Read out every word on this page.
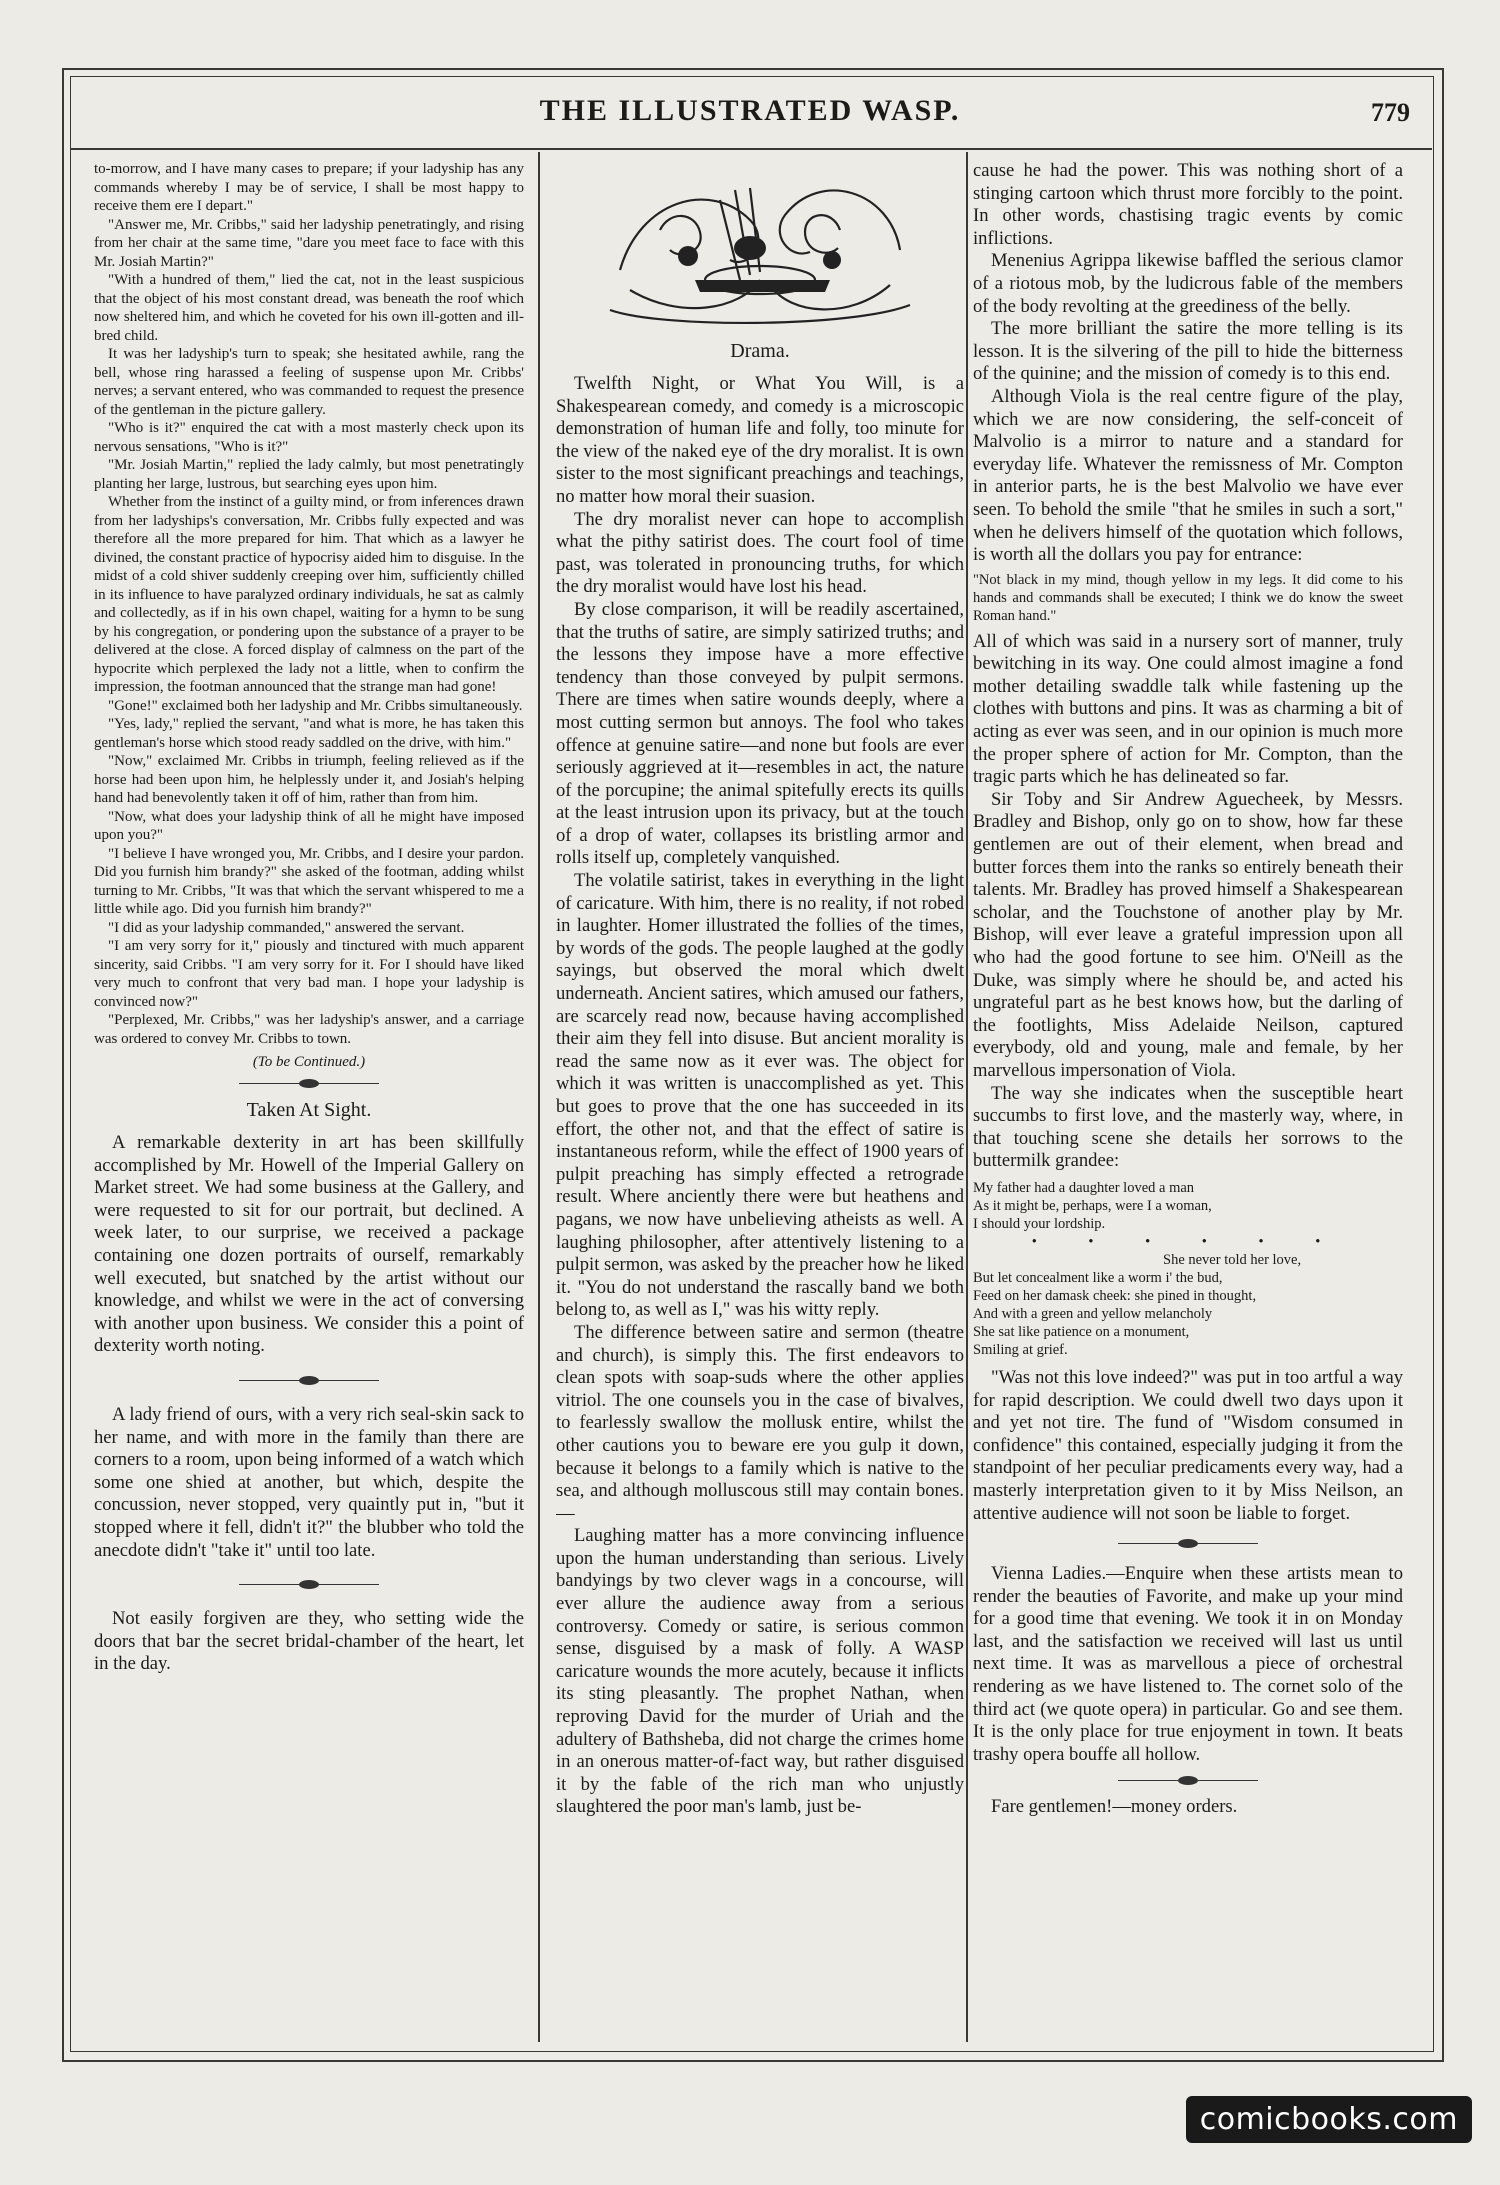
THE ILLUSTRATED WASP.	779

to-morrow, and I have many cases to prepare; if your ladyship has any commands whereby I may be of service, I shall be most happy to receive them ere I depart."

"Answer me, Mr. Cribbs," said her ladyship penetratingly, and rising from her chair at the same time, "dare you meet face to face with this Mr. Josiah Martin?"

"With a hundred of them," lied the cat, not in the least suspicious that the object of his most constant dread, was beneath the roof which now sheltered him, and which he coveted for his own ill-gotten and ill-bred child.

It was her ladyship's turn to speak; she hesitated awhile, rang the bell, whose ring harassed a feeling of suspense upon Mr. Cribbs' nerves; a servant entered, who was commanded to request the presence of the gentleman in the picture gallery.

"Who is it?" enquired the cat with a most masterly check upon its nervous sensations, "Who is it?"

"Mr. Josiah Martin," replied the lady calmly, but most penetratingly planting her large, lustrous, but searching eyes upon him.

Whether from the instinct of a guilty mind, or from inferences drawn from her ladyships's conversation, Mr. Cribbs fully expected and was therefore all the more prepared for him. That which as a lawyer he divined, the constant practice of hypocrisy aided him to disguise. In the midst of a cold shiver suddenly creeping over him, sufficiently chilled in its influence to have paralyzed ordinary individuals, he sat as calmly and collectedly, as if in his own chapel, waiting for a hymn to be sung by his congregation, or pondering upon the substance of a prayer to be delivered at the close. A forced display of calmness on the part of the hypocrite which perplexed the lady not a little, when to confirm the impression, the footman announced that the strange man had gone!

"Gone!" exclaimed both her ladyship and Mr. Cribbs simultaneously.

"Yes, lady," replied the servant, "and what is more, he has taken this gentleman's horse which stood ready saddled on the drive, with him."

"Now," exclaimed Mr. Cribbs in triumph, feeling relieved as if the horse had been upon him, he helplessly under it, and Josiah's helping hand had benevolently taken it off of him, rather than from him.

"Now, what does your ladyship think of all he might have imposed upon you?"

"I believe I have wronged you, Mr. Cribbs, and I desire your pardon. Did you furnish him brandy?" she asked of the footman, adding whilst turning to Mr. Cribbs, "It was that which the servant whispered to me a little while ago. Did you furnish him brandy?"

"I did as your ladyship commanded," answered the servant.

"I am very sorry for it," piously and tinctured with much apparent sincerity, said Cribbs. "I am very sorry for it. For I should have liked very much to confront that very bad man. I hope your ladyship is convinced now?"

"Perplexed, Mr. Cribbs," was her ladyship's answer, and a carriage was ordered to convey Mr. Cribbs to town.

(To be Continued.)
Taken At Sight.

A remarkable dexterity in art has been skillfully accomplished by Mr. Howell of the Imperial Gallery on Market street. We had some business at the Gallery, and were requested to sit for our portrait, but declined. A week later, to our surprise, we received a package containing one dozen portraits of ourself, remarkably well executed, but snatched by the artist without our knowledge, and whilst we were in the act of conversing with another upon business. We consider this a point of dexterity worth noting.

A lady friend of ours, with a very rich seal-skin sack to her name, and with more in the family than there are corners to a room, upon being informed of a watch which some one shied at another, but which, despite the concussion, never stopped, very quaintly put in, "but it stopped where it fell, didn't it?" the blubber who told the anecdote didn't "take it" until too late.

Not easily forgiven are they, who setting wide the doors that bar the secret bridal-chamber of the heart, let in the day.

Drama.

Twelfth Night, or What You Will, is a Shakespearean comedy, and comedy is a microscopic demonstration of human life and folly, too minute for the view of the naked eye of the dry moralist. It is own sister to the most significant preachings and teachings, no matter how moral their suasion.

The dry moralist never can hope to accomplish what the pithy satirist does. The court fool of time past, was tolerated in pronouncing truths, for which the dry moralist would have lost his head.

By close comparison, it will be readily ascertained, that the truths of satire, are simply satirized truths; and the lessons they impose have a more effective tendency than those conveyed by pulpit sermons. There are times when satire wounds deeply, where a most cutting sermon but annoys. The fool who takes offence at genuine satire—and none but fools are ever seriously aggrieved at it—resembles in act, the nature of the porcupine; the animal spitefully erects its quills at the least intrusion upon its privacy, but at the touch of a drop of water, collapses its bristling armor and rolls itself up, completely vanquished.

The volatile satirist, takes in everything in the light of caricature. With him, there is no reality, if not robed in laughter. Homer illustrated the follies of the times, by words of the gods. The people laughed at the godly sayings, but observed the moral which dwelt underneath. Ancient satires, which amused our fathers, are scarcely read now, because having accomplished their aim they fell into disuse. But ancient morality is read the same now as it ever was. The object for which it was written is unaccomplished as yet. This but goes to prove that the one has succeeded in its effort, the other not, and that the effect of satire is instantaneous reform, while the effect of 1900 years of pulpit preaching has simply effected a retrograde result. Where anciently there were but heathens and pagans, we now have unbelieving atheists as well. A laughing philosopher, after attentively listening to a pulpit sermon, was asked by the preacher how he liked it. "You do not understand the rascally band we both belong to, as well as I," was his witty reply.

The difference between satire and sermon (theatre and church), is simply this. The first endeavors to clean spots with soap-suds where the other applies vitriol. The one counsels you in the case of bivalves, to fearlessly swallow the mollusk entire, whilst the other cautions you to beware ere you gulp it down, because it belongs to a family which is native to the sea, and although molluscous still may contain bones.—

Laughing matter has a more convincing influence upon the human understanding than serious. Lively bandyings by two clever wags in a concourse, will ever allure the audience away from a serious controversy. Comedy or satire, is serious common sense, disguised by a mask of folly. A WASP caricature wounds the more acutely, because it inflicts its sting pleasantly. The prophet Nathan, when reproving David for the murder of Uriah and the adultery of Bathsheba, did not charge the crimes home in an onerous matter-of-fact way, but rather disguised it by the fable of the rich man who unjustly slaughtered the poor man's lamb, just be-

cause he had the power. This was nothing short of a stinging cartoon which thrust more forcibly to the point. In other words, chastising tragic events by comic inflictions.

Menenius Agrippa likewise baffled the serious clamor of a riotous mob, by the ludicrous fable of the members of the body revolting at the greediness of the belly.

The more brilliant the satire the more telling is its lesson. It is the silvering of the pill to hide the bitterness of the quinine; and the mission of comedy is to this end.

Although Viola is the real centre figure of the play, which we are now considering, the self-conceit of Malvolio is a mirror to nature and a standard for everyday life. Whatever the remissness of Mr. Compton in anterior parts, he is the best Malvolio we have ever seen. To behold the smile "that he smiles in such a sort," when he delivers himself of the quotation which follows, is worth all the dollars you pay for entrance:

"Not black in my mind, though yellow in my legs. It did come to his hands and commands shall be executed; I think we do know the sweet Roman hand."

All of which was said in a nursery sort of manner, truly bewitching in its way. One could almost imagine a fond mother detailing swaddle talk while fastening up the clothes with buttons and pins. It was as charming a bit of acting as ever was seen, and in our opinion is much more the proper sphere of action for Mr. Compton, than the tragic parts which he has delineated so far.

Sir Toby and Sir Andrew Aguecheek, by Messrs. Bradley and Bishop, only go on to show, how far these gentlemen are out of their element, when bread and butter forces them into the ranks so entirely beneath their talents. Mr. Bradley has proved himself a Shakespearean scholar, and the Touchstone of another play by Mr. Bishop, will ever leave a grateful impression upon all who had the good fortune to see him. O'Neill as the Duke, was simply where he should be, and acted his ungrateful part as he best knows how, but the darling of the footlights, Miss Adelaide Neilson, captured everybody, old and young, male and female, by her marvellous impersonation of Viola.

The way she indicates when the susceptible heart succumbs to first love, and the masterly way, where, in that touching scene she details her sorrows to the buttermilk grandee:

My father had a daughter loved a man
As it might be, perhaps, were I a woman,
I should your lordship.
• • • • • •
She never told her love,
But let concealment like a worm i' the bud,
Feed on her damask cheek: she pined in thought,
And with a green and yellow melancholy
She sat like patience on a monument,
Smiling at grief.

"Was not this love indeed?" was put in too artful a way for rapid description. We could dwell two days upon it and yet not tire. The fund of "Wisdom consumed in confidence" this contained, especially judging it from the standpoint of her peculiar predicaments every way, had a masterly interpretation given to it by Miss Neilson, an attentive audience will not soon be liable to forget.

Vienna Ladies.—Enquire when these artists mean to render the beauties of Favorite, and make up your mind for a good time that evening. We took it in on Monday last, and the satisfaction we received will last us until next time. It was as marvellous a piece of orchestral rendering as we have listened to. The cornet solo of the third act (we quote opera) in particular. Go and see them. It is the only place for true enjoyment in town. It beats trashy opera bouffe all hollow.

Fare gentlemen!—money orders.

comicbooks.com
